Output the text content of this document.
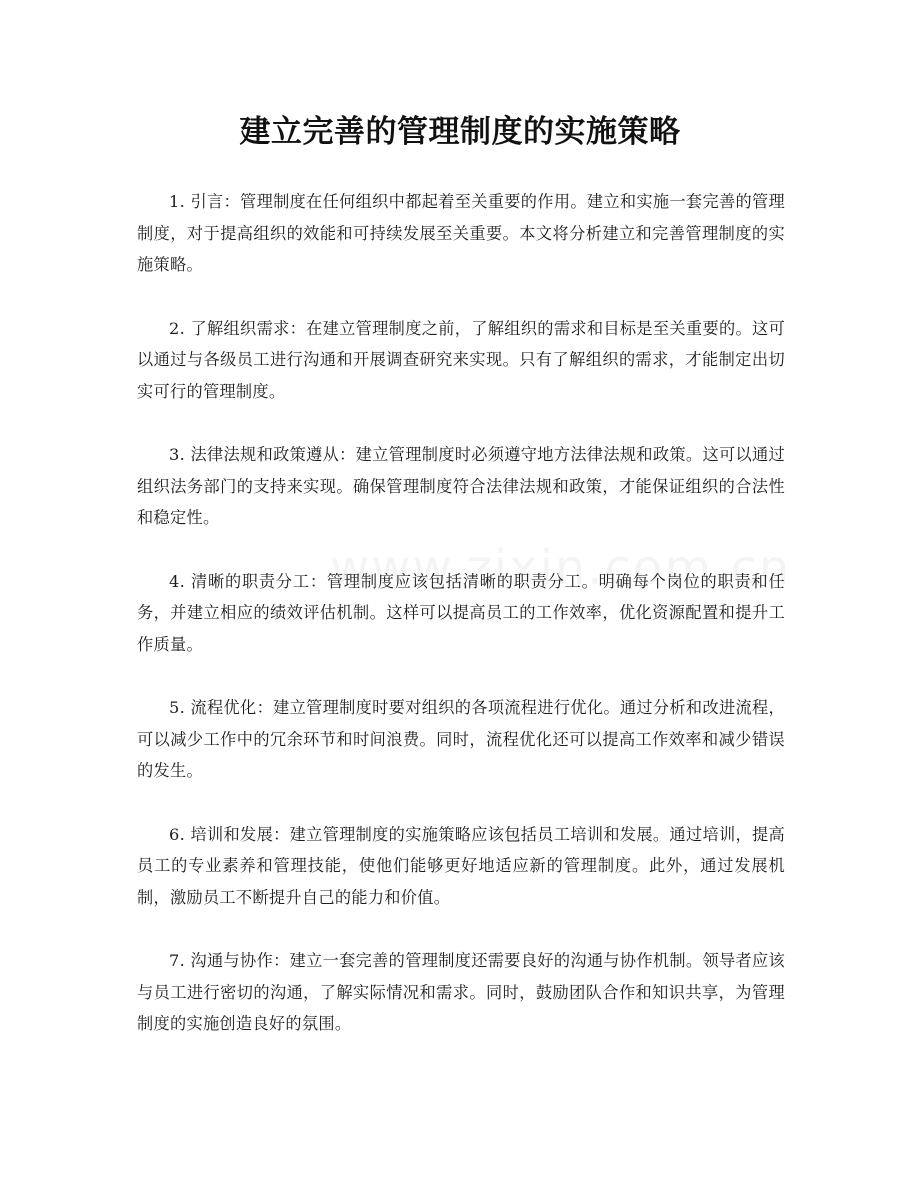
建立完善的管理制度的实施策略

1. 引言：管理制度在任何组织中都起着至关重要的作用。建立和实施一套完善的管理制度，对于提高组织的效能和可持续发展至关重要。本文将分析建立和完善管理制度的实施策略。

2. 了解组织需求：在建立管理制度之前，了解组织的需求和目标是至关重要的。这可以通过与各级员工进行沟通和开展调查研究来实现。只有了解组织的需求，才能制定出切实可行的管理制度。

3. 法律法规和政策遵从：建立管理制度时必须遵守地方法律法规和政策。这可以通过组织法务部门的支持来实现。确保管理制度符合法律法规和政策，才能保证组织的合法性和稳定性。

4. 清晰的职责分工：管理制度应该包括清晰的职责分工。明确每个岗位的职责和任务，并建立相应的绩效评估机制。这样可以提高员工的工作效率，优化资源配置和提升工作质量。

5. 流程优化：建立管理制度时要对组织的各项流程进行优化。通过分析和改进流程，可以减少工作中的冗余环节和时间浪费。同时，流程优化还可以提高工作效率和减少错误的发生。

6. 培训和发展：建立管理制度的实施策略应该包括员工培训和发展。通过培训，提高员工的专业素养和管理技能，使他们能够更好地适应新的管理制度。此外，通过发展机制，激励员工不断提升自己的能力和价值。

7. 沟通与协作：建立一套完善的管理制度还需要良好的沟通与协作机制。领导者应该与员工进行密切的沟通，了解实际情况和需求。同时，鼓励团队合作和知识共享，为管理制度的实施创造良好的氛围。
